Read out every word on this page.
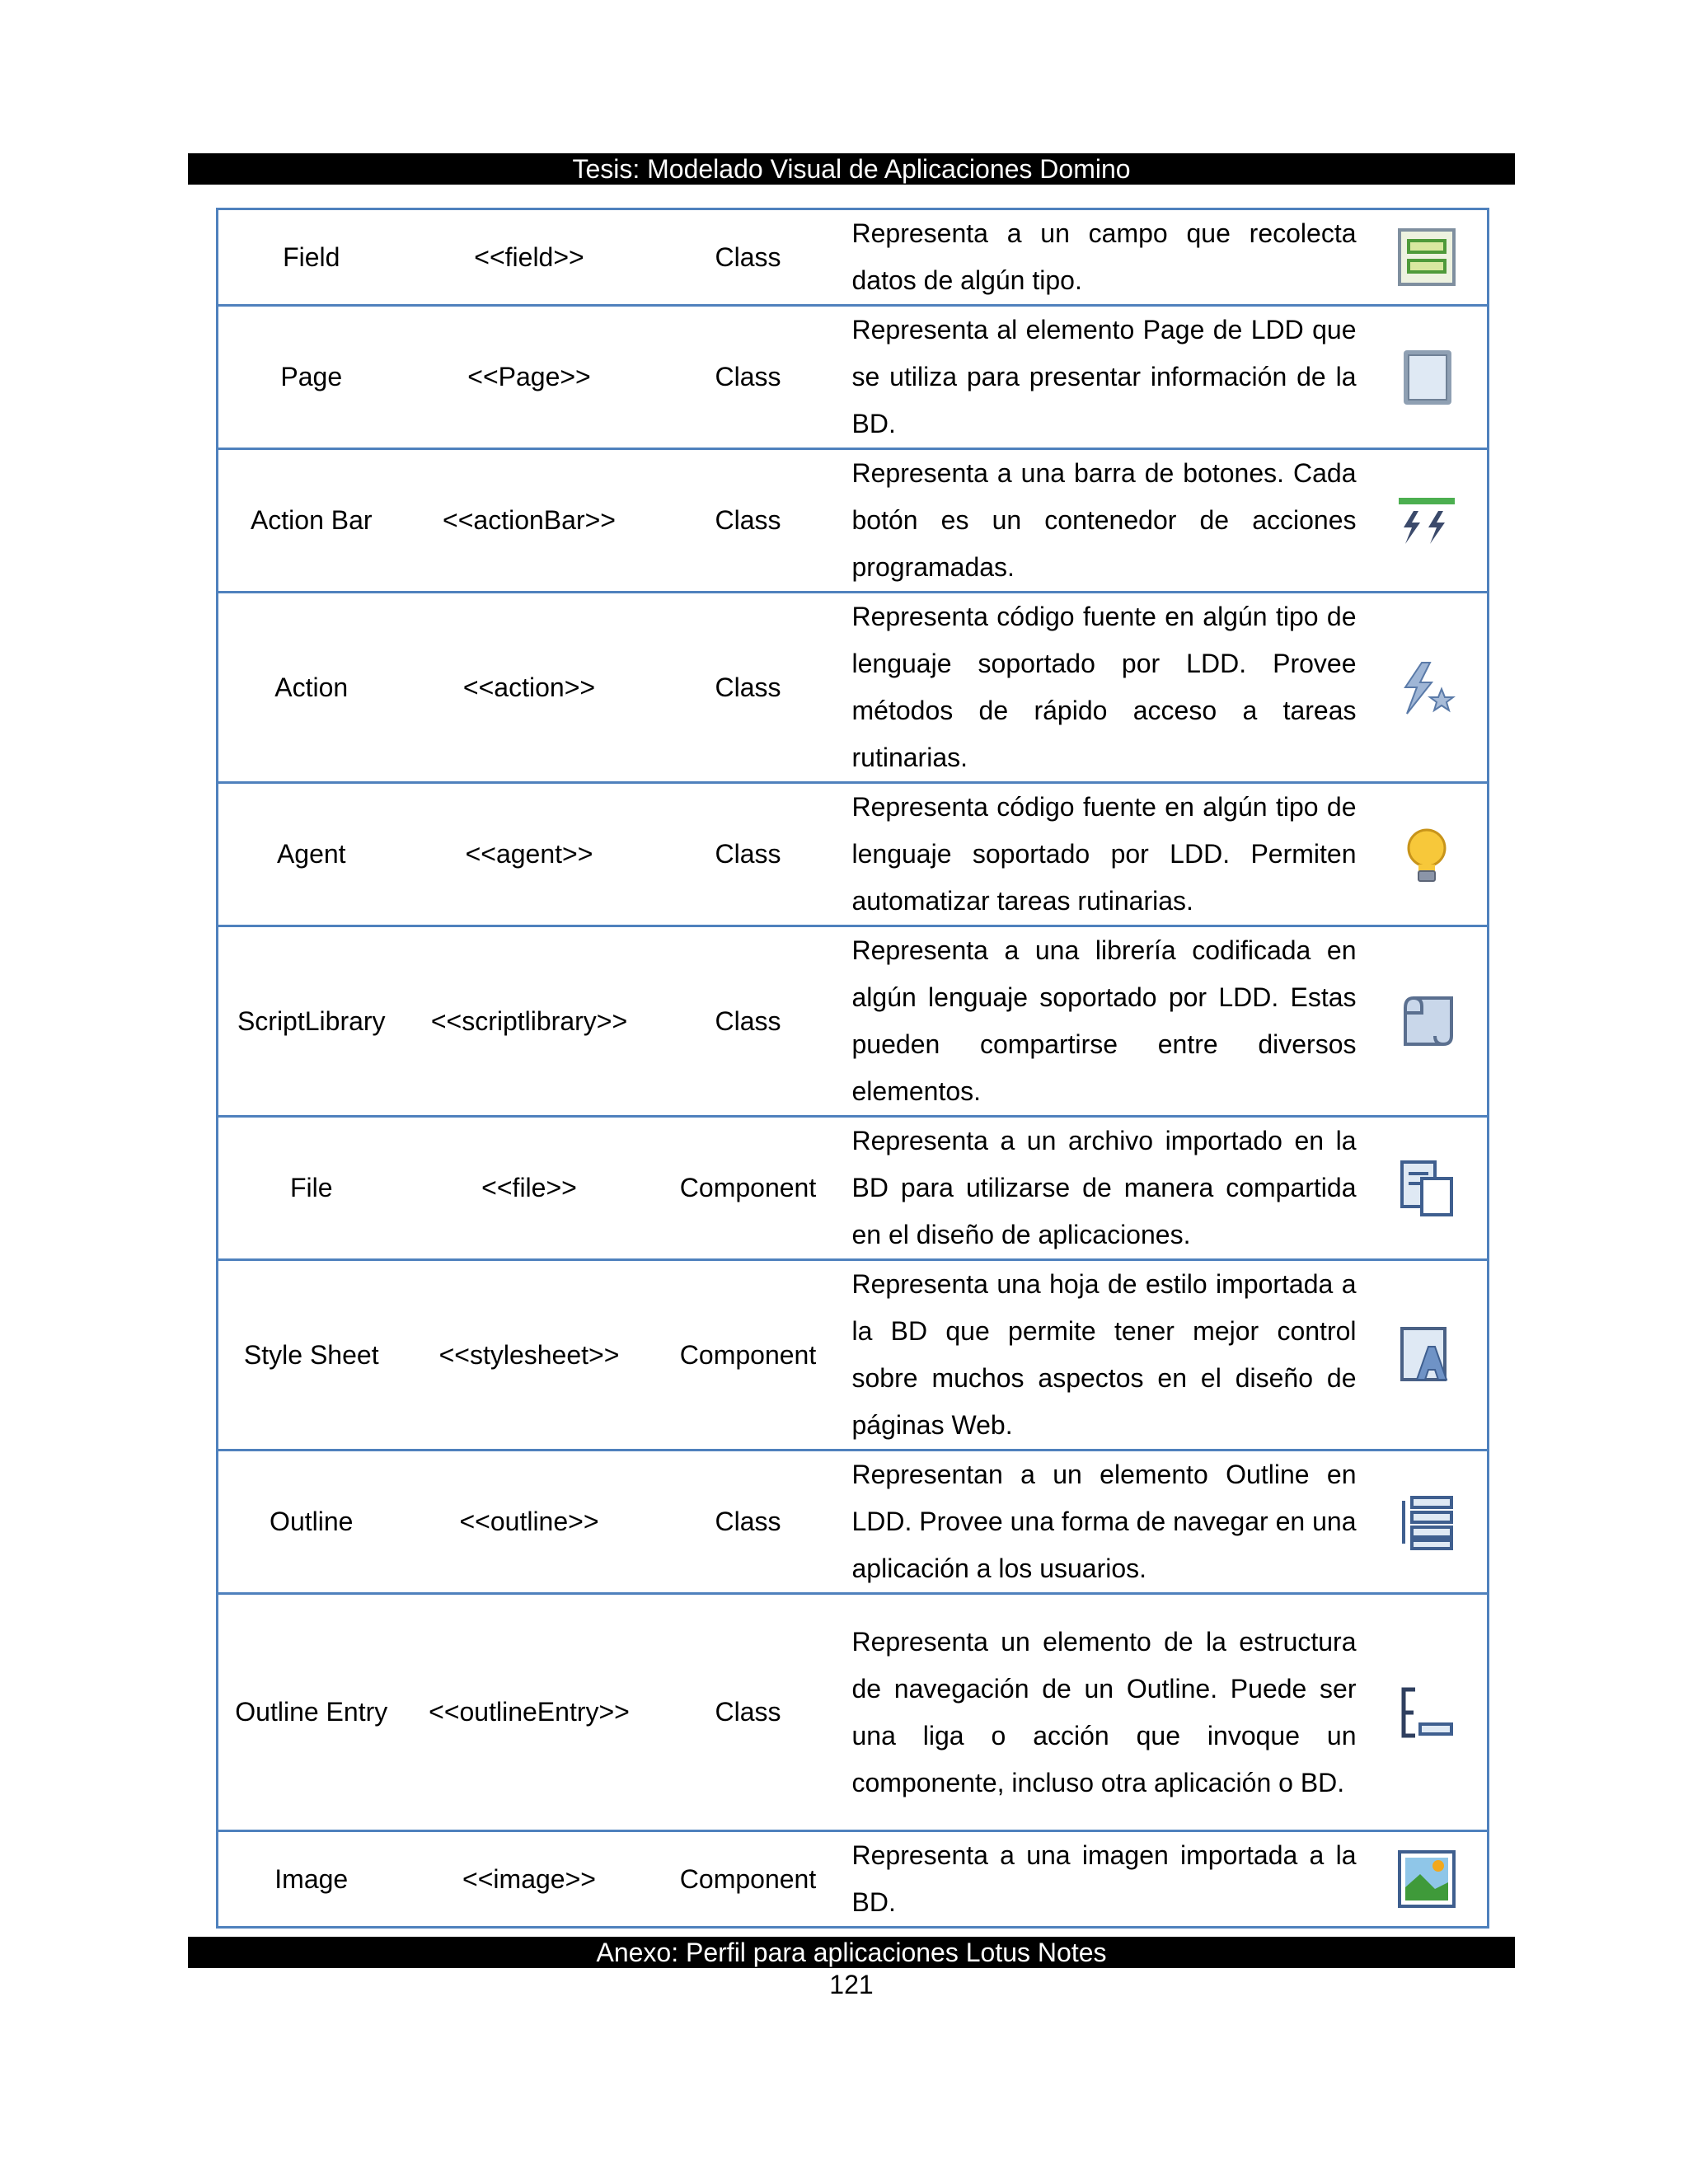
Tesis: Modelado Visual de Aplicaciones Domino
Field	<<field>>	Class	Representa a un campo que recolecta datos de algún tipo.	
Page	<<Page>>	Class	Representa al elemento Page de LDD que se utiliza para presentar información de la BD.	
Action Bar	<<actionBar>>	Class	Representa a una barra de botones. Cada botón es un contenedor de acciones programadas.	
Action	<<action>>	Class	Representa código fuente en algún tipo de lenguaje soportado por LDD. Provee métodos de rápido acceso a tareas rutinarias.	
Agent	<<agent>>	Class	Representa código fuente en algún tipo de lenguaje soportado por LDD. Permiten automatizar tareas rutinarias.	
ScriptLibrary	<<scriptlibrary>>	Class	Representa a una librería codificada en algún lenguaje soportado por LDD. Estas pueden compartirse entre diversos elementos.	
File	<<file>>	Component	Representa a un archivo importado en la BD para utilizarse de manera compartida en el diseño de aplicaciones.	
Style Sheet	<<stylesheet>>	Component	Representa una hoja de estilo importada a la BD que permite tener mejor control sobre muchos aspectos en el diseño de páginas Web.	
Outline	<<outline>>	Class	Representan a un elemento Outline en LDD. Provee una forma de navegar en una aplicación a los usuarios.	
Outline Entry	<<outlineEntry>>	Class	Representa un elemento de la estructura de navegación de un Outline. Puede ser una liga o acción que invoque un componente, incluso otra aplicación o BD.	
Image	<<image>>	Component	Representa a una imagen importada a la BD.	
Anexo: Perfil para aplicaciones Lotus Notes
121
